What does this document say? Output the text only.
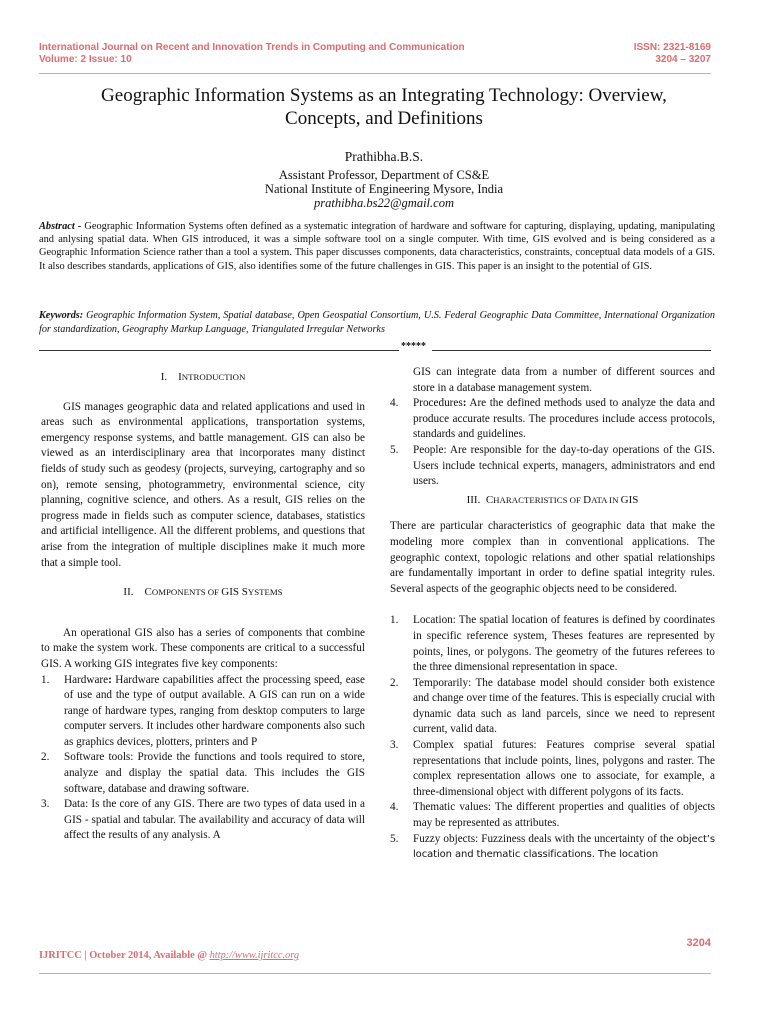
International Journal on Recent and Innovation Trends in Computing and Communication
Volume: 2 Issue: 10
ISSN: 2321-8169
3204 – 3207
Geographic Information Systems as an Integrating Technology: Overview,
Concepts, and Definitions
Prathibha.B.S.
Assistant Professor, Department of CS&E
National Institute of Engineering Mysore, India
prathibha.bs22@gmail.com
Abstract - Geographic Information Systems often defined as a systematic integration of hardware and software for capturing, displaying, updating, manipulating and anlysing spatial data. When GIS introduced, it was a simple software tool on a single computer. With time, GIS evolved and is being considered as a Geographic Information Science rather than a tool a system. This paper discusses components, data characteristics, constraints, conceptual data models of a GIS. It also describes standards, applications of GIS, also identifies some of the future challenges in GIS. This paper is an insight to the potential of GIS.
Keywords: Geographic Information System, Spatial database, Open Geospatial Consortium, U.S. Federal Geographic Data Committee, International Organization for standardization, Geography Markup Language, Triangulated Irregular Networks
*****
I. INTRODUCTION

GIS manages geographic data and related applications and used in areas such as environmental applications, transportation systems, emergency response systems, and battle management. GIS can also be viewed as an interdisciplinary area that incorporates many distinct fields of study such as geodesy (projects, surveying, cartography and so on), remote sensing, photogrammetry, environmental science, city planning, cognitive science, and others. As a result, GIS relies on the progress made in fields such as computer science, databases, statistics and artificial intelligence. All the different problems, and questions that arise from the integration of multiple disciplines make it much more that a simple tool.

II. COMPONENTS OF GIS SYSTEMS

An operational GIS also has a series of components that combine to make the system work. These components are critical to a successful GIS. A working GIS integrates five key components:

1. Hardware: Hardware capabilities affect the processing speed, ease of use and the type of output available. A GIS can run on a wide range of hardware types, ranging from desktop computers to large computer servers. It includes other hardware components also such as graphics devices, plotters, printers and P
2. Software tools: Provide the functions and tools required to store, analyze and display the spatial data. This includes the GIS software, database and drawing software.
3. Data: Is the core of any GIS. There are two types of data used in a GIS - spatial and tabular. The availability and accuracy of data will affect the results of any analysis. A
GIS can integrate data from a number of different sources and store in a database management system.
4. Procedures: Are the defined methods used to analyze the data and produce accurate results. The procedures include access protocols, standards and guidelines.
5. People: Are responsible for the day-to-day operations of the GIS. Users include technical experts, managers, administrators and end users.
III. CHARACTERISTICS OF DATA IN GIS

There are particular characteristics of geographic data that make the modeling more complex than in conventional applications. The geographic context, topologic relations and other spatial relationships are fundamentally important in order to define spatial integrity rules. Several aspects of the geographic objects need to be considered.

1. Location: The spatial location of features is defined by coordinates in specific reference system, Theses features are represented by points, lines, or polygons. The geometry of the futures referees to the three dimensional representation in space.
2. Temporarily: The database model should consider both existence and change over time of the features. This is especially crucial with dynamic data such as land parcels, since we need to represent current, valid data.
3. Complex spatial futures: Features comprise several spatial representations that include points, lines, polygons and raster. The complex representation allows one to associate, for example, a three-dimensional object with different polygons of its facts.
4. Thematic values: The different properties and qualities of objects may be represented as attributes.
5. Fuzzy objects: Fuzziness deals with the uncertainty of the object’s location and thematic classifications. The location
3204
IJRITCC | October 2014, Available @ http://www.ijritcc.org
